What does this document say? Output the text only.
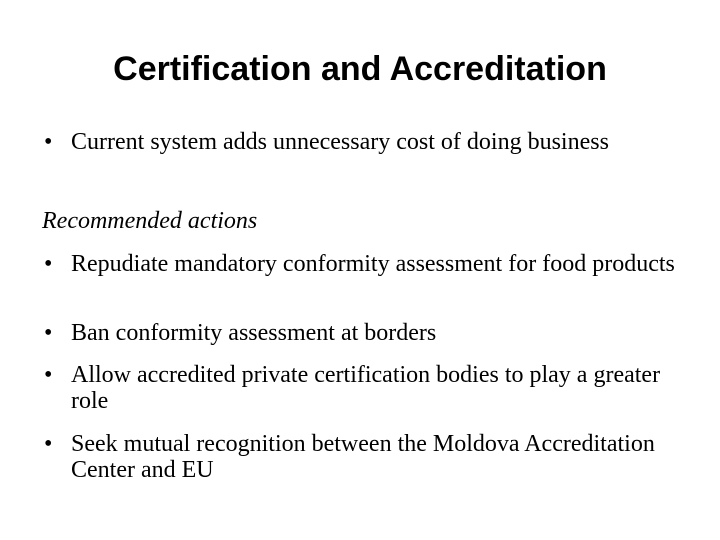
Certification and Accreditation

• Current system adds unnecessary cost of doing business

Recommended actions

• Repudiate mandatory conformity assessment for food products

• Ban conformity assessment at borders

• Allow accredited private certification bodies to play a greater role

• Seek mutual recognition between the Moldova Accreditation Center and EU
